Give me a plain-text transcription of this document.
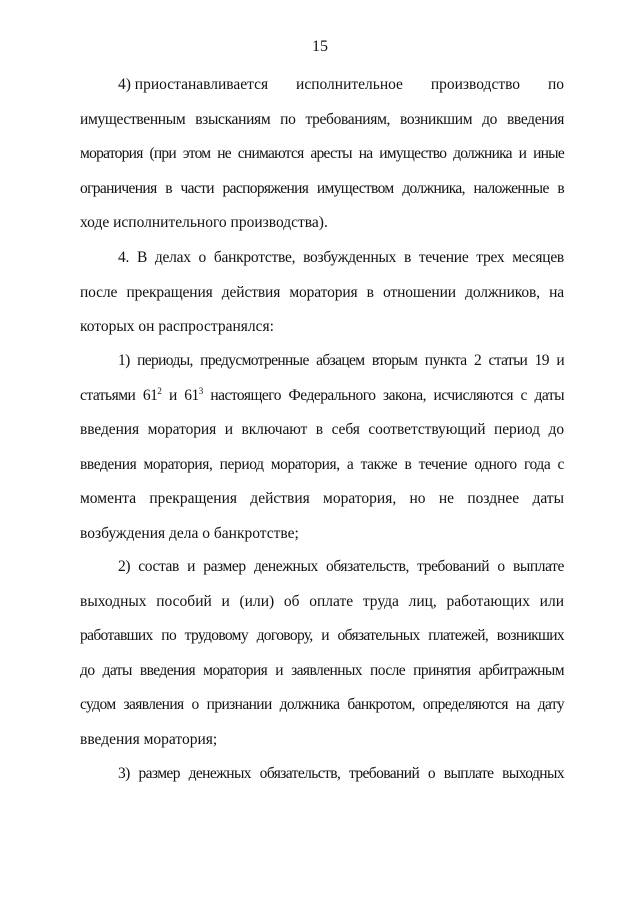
15
4) приостанавливается исполнительное производство по
имущественным взысканиям по требованиям, возникшим до введения
моратория (при этом не снимаются аресты на имущество должника и иные
ограничения в части распоряжения имуществом должника, наложенные в
ходе исполнительного производства).
4. В делах о банкротстве, возбужденных в течение трех месяцев
после прекращения действия моратория в отношении должников, на
которых он распространялся:
1) периоды, предусмотренные абзацем вторым пункта 2 статьи 19 и
статьями $61^2$ и $61^3$ настоящего Федерального закона, исчисляются с даты
введения моратория и включают в себя соответствующий период до
введения моратория, период моратория, а также в течение одного года с
момента прекращения действия моратория, но не позднее даты
возбуждения дела о банкротстве;
2) состав и размер денежных обязательств, требований о выплате
выходных пособий и (или) об оплате труда лиц, работающих или
работавших по трудовому договору, и обязательных платежей, возникших
до даты введения моратория и заявленных после принятия арбитражным
судом заявления о признании должника банкротом, определяются на дату
введения моратория;
3) размер денежных обязательств, требований о выплате выходных
